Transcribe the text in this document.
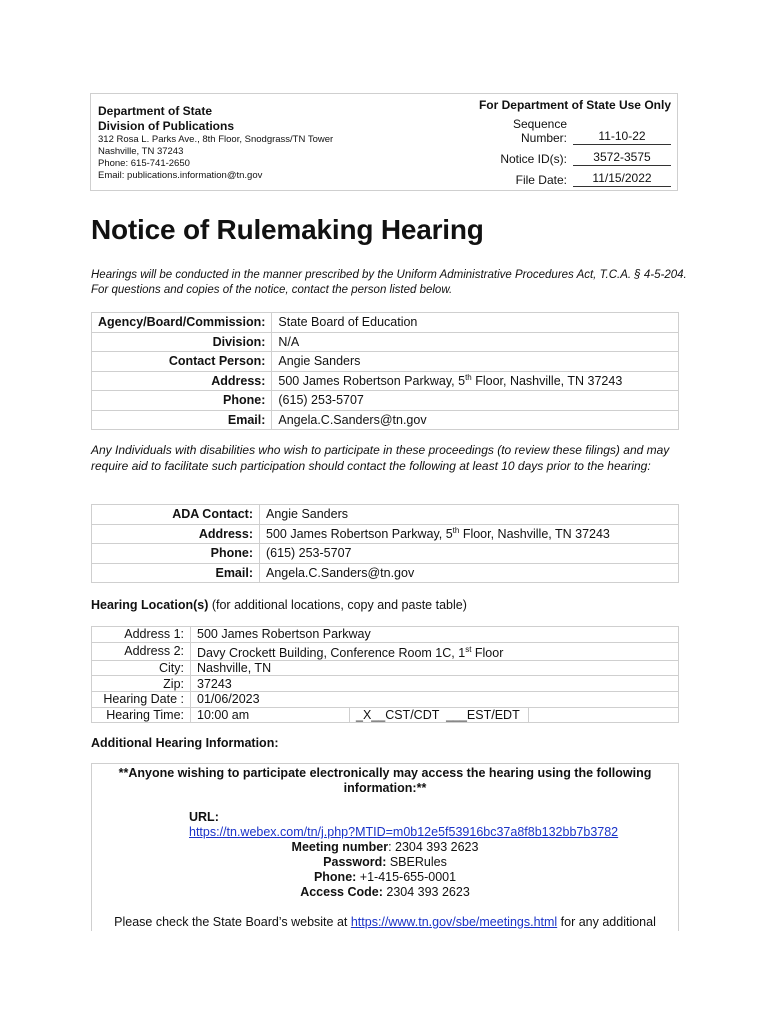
Department of State
Division of Publications
312 Rosa L. Parks Ave., 8th Floor, Snodgrass/TN Tower
Nashville, TN 37243
Phone: 615-741-2650
Email: publications.information@tn.gov
For Department of State Use Only
Sequence
Number:	11-10-22
Notice ID(s):	3572-3575
File Date:	11/15/2022
Notice of Rulemaking Hearing
Hearings will be conducted in the manner prescribed by the Uniform Administrative Procedures Act, T.C.A. § 4-5-204.
For questions and copies of the notice, contact the person listed below.
Agency/Board/Commission:	State Board of Education
Division:	N/A
Contact Person:	Angie Sanders
Address:	500 James Robertson Parkway, 5th Floor, Nashville, TN 37243
Phone:	(615) 253-5707
Email:	Angela.C.Sanders@tn.gov
Any Individuals with disabilities who wish to participate in these proceedings (to review these filings) and may require aid to facilitate such participation should contact the following at least 10 days prior to the hearing:
ADA Contact:	Angie Sanders
Address:	500 James Robertson Parkway, 5th Floor, Nashville, TN 37243
Phone:	(615) 253-5707
Email:	Angela.C.Sanders@tn.gov
Hearing Location(s) (for additional locations, copy and paste table)
Address 1:	500 James Robertson Parkway	
Address 2:	Davy Crockett Building, Conference Room 1C, 1st Floor	
City:	Nashville, TN	
Zip:	37243	
Hearing Date :	01/06/2023	
Hearing Time:	10:00 am	_X__CST/CDT  ___EST/EDT
Additional Hearing Information:
**Anyone wishing to participate electronically may access the hearing using the following information:**
URL:
https://tn.webex.com/tn/j.php?MTID=m0b12e5f53916bc37a8f8b132bb7b3782
Meeting number: 2304 393 2623
Password: SBERules
Phone: +1-415-655-0001
Access Code: 2304 393 2623
Please check the State Board’s website at https://www.tn.gov/sbe/meetings.html for any additional
